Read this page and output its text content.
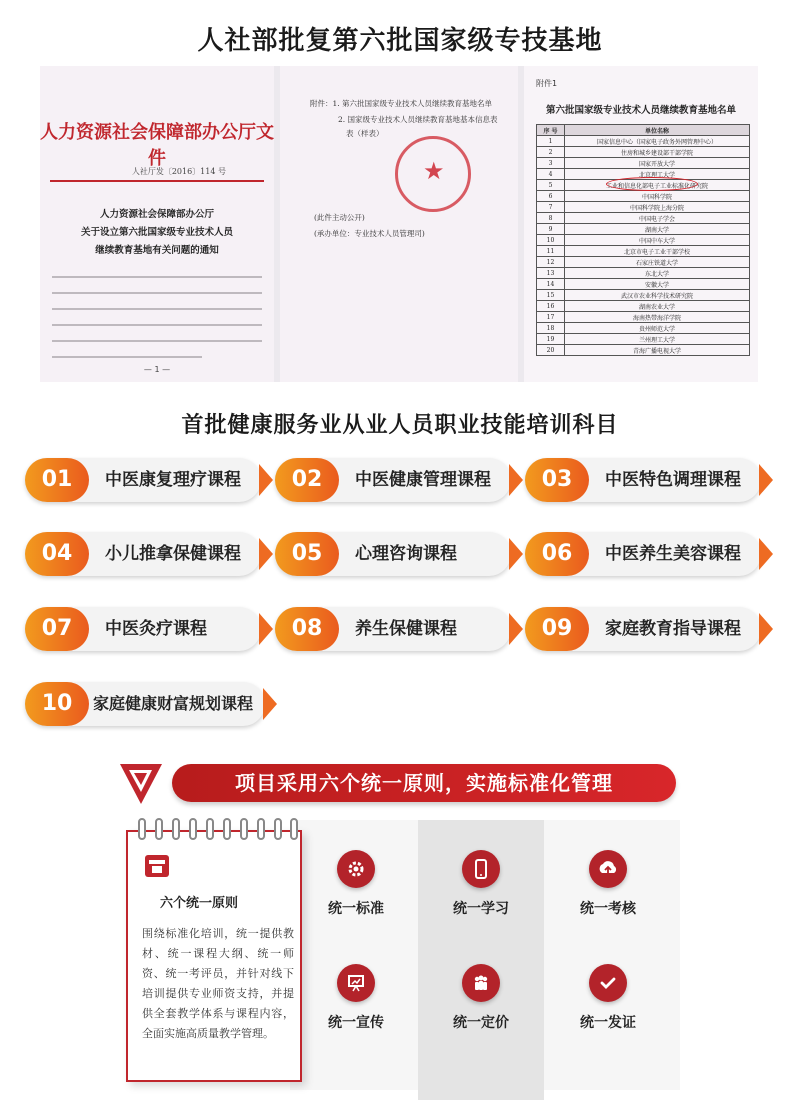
人社部批复第六批国家级专技基地
人力资源社会保障部办公厅文件
人社厅发〔2016〕114 号
人力资源社会保障部办公厅
关于设立第六批国家级专业技术人员
继续教育基地有关问题的通知
— 1 —
附件：1. 第六批国家级专业技术人员继续教育基地名单
2. 国家级专业技术人员继续教育基地基本信息表
表（样表）
★
(此件主动公开)
(承办单位：专业技术人员管理司)
附件1
第六批国家级专业技术人员继续教育基地名单
序 号	单位名称
1	国家信息中心（国家电子政务外网管理中心）
2	住房和城乡建设部干部学院
3	国家开放大学
4	北京理工大学
5	工业和信息化部电子工业标准化研究院
6	中国科学院
7	中国科学院上海分院
8	中国电子学会
9	湖南大学
10	中国中车大学
11	北京市电子工业干部学校
12	石家庄铁道大学
13	东北大学
14	安徽大学
15	武汉市农业科学技术研究院
16	湖南农业大学
17	海南热带海洋学院
18	贵州师范大学
19	兰州理工大学
20	青海广播电视大学
首批健康服务业从业人员职业技能培训科目
01	中医康复理疗课程	02	中医健康管理课程	03	中医特色调理课程
04	小儿推拿保健课程	05	心理咨询课程	06	中医养生美容课程
07	中医灸疗课程	08	养生保健课程	09	家庭教育指导课程
10	家庭健康财富规划课程
项目采用六个统一原则，实施标准化管理
六个统一原则
围绕标准化培训，统一提供教材、统一课程大纲、统一师资、统一考评员，并针对线下培训提供专业师资支持，并提供全套教学体系与课程内容，全面实施高质量教学管理。
统一标准	统一学习	统一考核
统一宣传	统一定价	统一发证
